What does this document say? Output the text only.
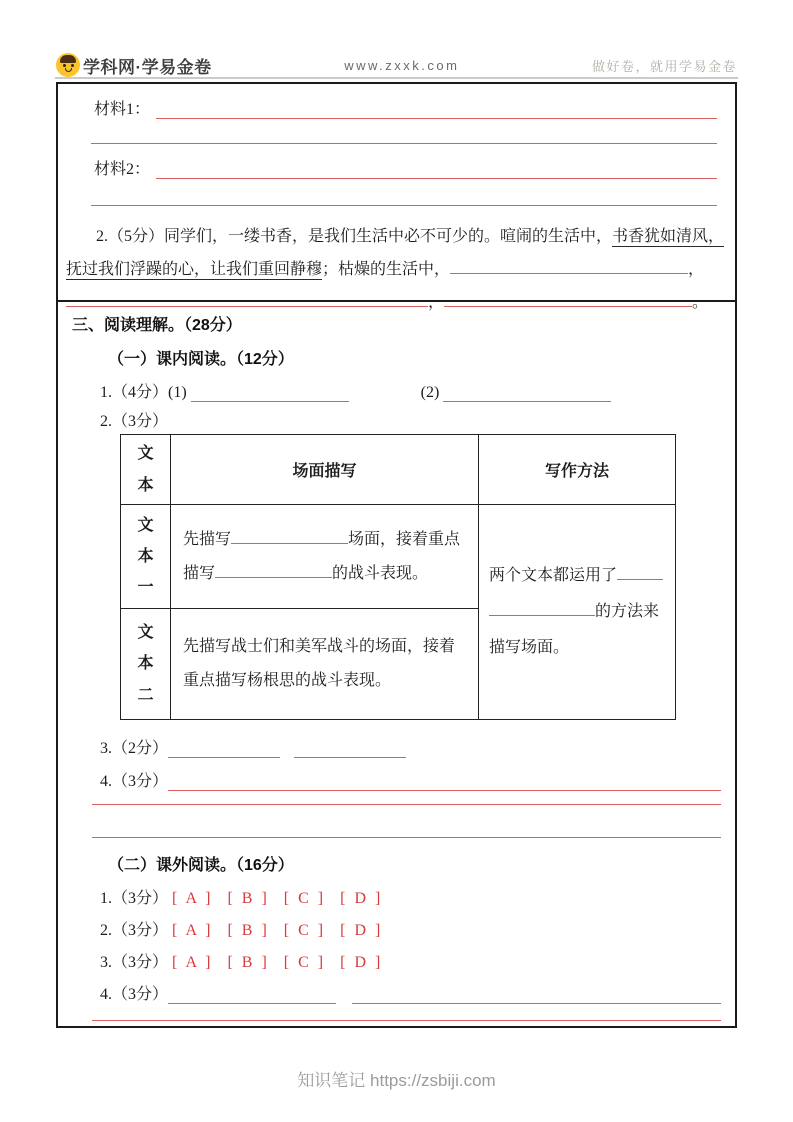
学科网·学易金卷	www.zxxk.com	做好卷，就用学易金卷
材料1：
材料2：
2.（5分）同学们，一缕书香，是我们生活中必不可少的。喧闹的生活中，书香犹如清风，
抚过我们浮躁的心，让我们重回静穆；枯燥的生活中，	，
，	。
三、阅读理解。（28分）
（一）课内阅读。（12分）
1.（4分） (1)
	(2)

2.（3分）
文本	场面描写	写作方法

文本一	先描写 场面，接着重点描写 的战斗表现。	两个文本都运用了的方法来描写场面。

文本二	先描写战士们和美军战斗的场面，接着重点描写杨根思的战斗表现。	
3.（2分）
4.（3分）
（二）课外阅读。（16分）
1.（3分） [ A ]  [ B ]  [ C ]  [ D ]
2.（3分） [ A ]  [ B ]  [ C ]  [ D ]
3.（3分） [ A ]  [ B ]  [ C ]  [ D ]
4.（3分）
知识笔记 https://zsbiji.com
